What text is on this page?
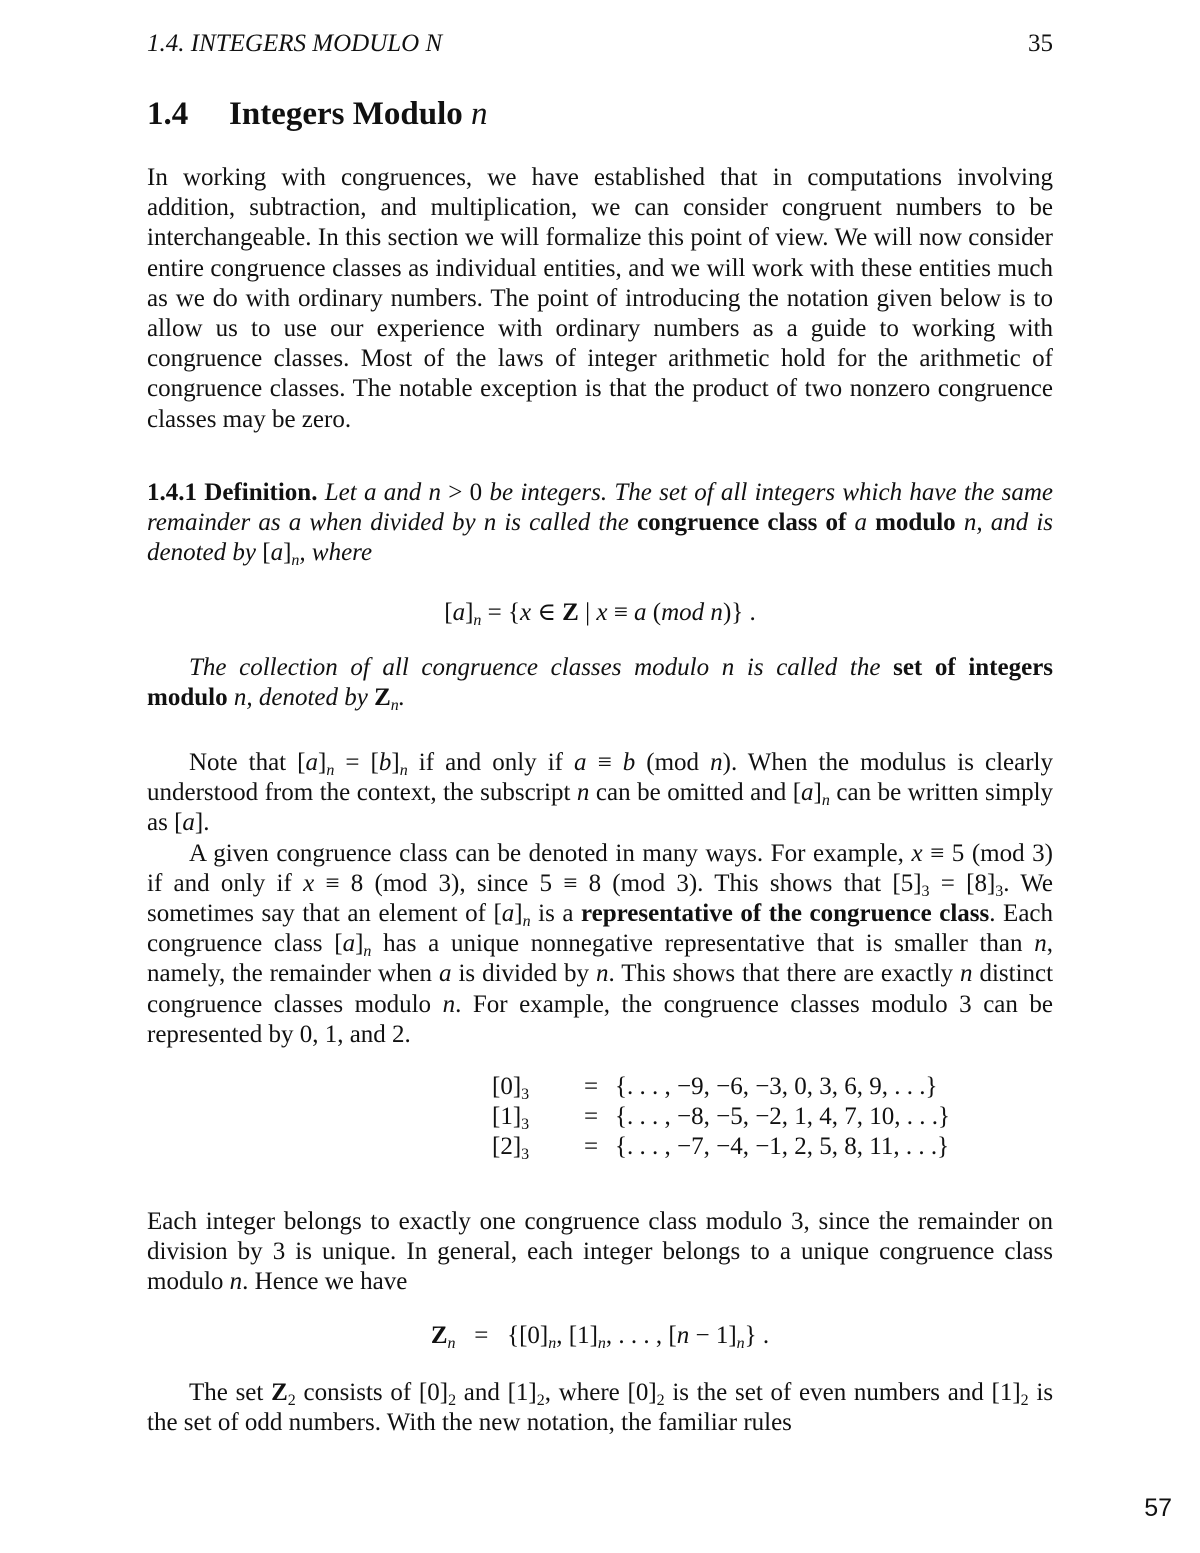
1.4. INTEGERS MODULO N	35
1.4 Integers Modulo n

In working with congruences, we have established that in computations involving addition, subtraction, and multiplication, we can consider congruent numbers to be interchangeable. In this section we will formalize this point of view. We will now consider entire congruence classes as individual entities, and we will work with these entities much as we do with ordinary numbers. The point of introducing the notation given below is to allow us to use our experience with ordinary numbers as a guide to working with congruence classes. Most of the laws of integer arithmetic hold for the arithmetic of congruence classes. The notable exception is that the product of two nonzero congruence classes may be zero.

1.4.1 Definition. Let a and n > 0 be integers. The set of all integers which have the same remainder as a when divided by n is called the congruence class of a modulo n, and is denoted by $[a]_n$, where

$[a]_n = \{x$ ∈ Z | x ≡ a (mod n)} .

The collection of all congruence classes modulo n is called the set of integers modulo n, denoted by $Z_n$.

Note that $[a]_n = [b]_n$ if and only if a ≡ b (mod n). When the modulus is clearly understood from the context, the subscript n can be omitted and $[a]_n$ can be written simply as [a].

A given congruence class can be denoted in many ways. For example, x ≡ 5 (mod 3) if and only if x ≡ 8 (mod 3), since 5 ≡ 8 (mod 3). This shows that $[5]_3 = [8]_3$. We sometimes say that an element of $[a]_n$ is a representative of the congruence class. Each congruence class $[a]_n$ has a unique nonnegative representative that is smaller than n, namely, the remainder when a is divided by n. This shows that there are exactly n distinct congruence classes modulo n. For example, the congruence classes modulo 3 can be represented by 0, 1, and 2.

$[0]_3$	=	{. . . , −9, −6, −3, 0, 3, 6, 9, . . .}
$[1]_3$	=	{. . . , −8, −5, −2, 1, 4, 7, 10, . . .}
$[2]_3$	=	{. . . , −7, −4, −1, 2, 5, 8, 11, . . .}

Each integer belongs to exactly one congruence class modulo 3, since the remainder on division by 3 is unique. In general, each integer belongs to a unique congruence class modulo n. Hence we have

$Z_n = \{[0]_n$, $[1]_n$, . . . , $[n - 1]_n$} .

The set $Z_2$ consists of $[0]_2$ and $[1]_2$, where $[0]_2$ is the set of even numbers and $[1]_2$ is the set of odd numbers. With the new notation, the familiar rules

57
